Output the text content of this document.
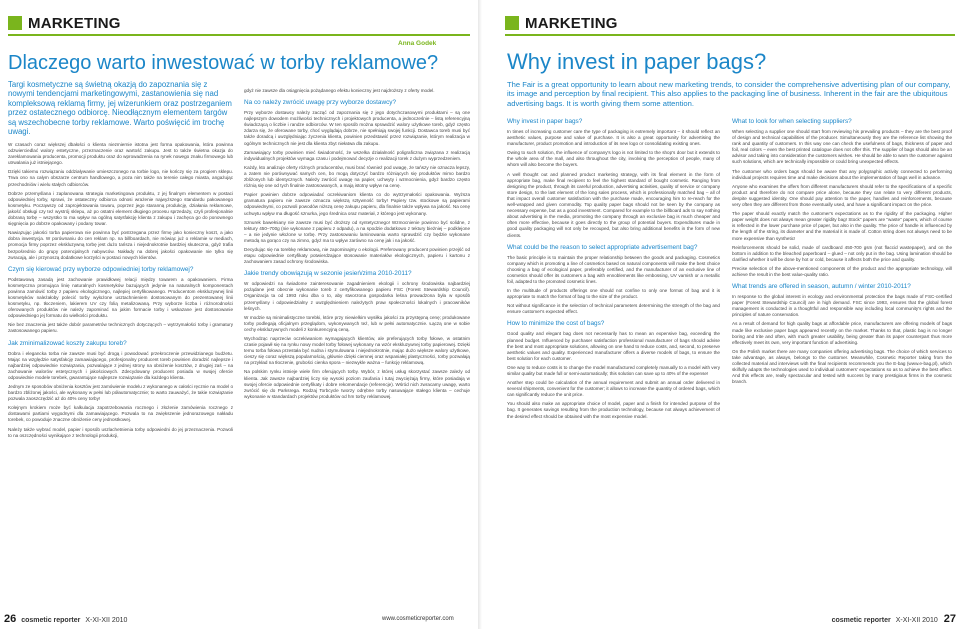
MARKETING
Anna Godek
Dlaczego warto inwestować w torby reklamowe?

Targi kosmetyczne są świetną okazją do zapoznania się z nowymi tendencjami marketingowymi, zastanowienia się nad kompleksową reklamą firmy, jej wizerunkiem oraz postrzeganiem przez ostatecznego odbiorcę. Nieodłącznym elementem targów są wszechobecne torby reklamowe. Warto poświęcić im trochę uwagi.

W czasach coraz większej dbałości o klienta niezmiernie istotna jest forma opakowania, która powinna odzwierciedlać walory estetyczne, przeznaczenie oraz wartość zakupu. Jest to także świetna okazja do zareklamowania producenta, promocji produktu oraz do wprowadzenia na rynek nowego znaku firmowego lub utrwalania już istniejącego.

Dzięki takiemu rozwiązaniu oddziaływanie umieszczonego na torbie logo, nie kończy się za progiem sklepu. Trwa ono na całym obszarze centrum handlowego, a poza nim także na terenie całego miasta, angażując przechodniów i wielu stałych odbiorców.

Dobrze przemyślana i zaplanowana strategia marketingowa produktu, z jej finalnym elementem w postaci odpowiedniej torby, sprawi, że ostateczny odbiorca odnosi wrażenie najwyższego standardu pakowanego kosmetyku. Począwszy od zaprojektowania towaru, poprzez jego staranną produkcję, działania reklamowe, jakość obsługi czy też wystrój sklepu, aż po ostatni element długiego procesu sprzedaży, czyli profesjonalnie dobraną torbę – wszystko to ma wpływ na ogólną satysfakcję klienta z zakupu i zachęca go do ponownego sięgnięcia po dobrze opakowany i podany towar.

Nawiązując jakości torba papierowa nie powinna być postrzegana przez firmę jako konieczny koszt, a jako dobra inwestycja. W porównaniu do cen reklam np. na billboardach, nie mówiąc już o reklamie w mediach, promocja firmy poprzez ekskluzywną torbę jest dużo tańsza i niejednokrotnie bardziej skuteczna, gdyż trafia bezpośrednio do grupy potencjalnych nabywców. Nakłady na dobrej jakości opakowanie nie tylko się zwracają, ale i przynoszą dodatkowe korzyści w postaci nowych klientów.

Czym się kierować przy wyborze odpowiedniej torby reklamowej?

Podstawową zasadą jest zachowanie prawidłowej relacji między towarem a opakowaniem. Firma kosmetyczna promująca linię naturalnych kosmetyków bazujących jedynie na naturalnych komponentach powinna zamówić torby z papieru ekologicznego, najlepiej certyfikowanego. Producentom ekskluzywnej linii kosmetyków należałoby polecić torby wyłożone usztachnieniem dostosowanym do prezentowanej linii kosmetyku, np. tłoczeniem, lakierem UV czy folią metalizowaną. Przy wyborze liczba i różnorodności oferowanych produktów nie należy zapominać na jakim formacie torby i wskazane jest dostosowanie odpowiedniego jej formatu do wielkości produktu.

Nie bez znaczenia jest także dobór parametrów technicznych dotyczących – wytrzymałości torby i gramatury zastosowanego papieru.

Jak zminimalizować koszty zakupu toreb?

Dobra i elegancka torba nie zawsze musi być drogą i powodować przekroczenie przewidzianego budżetu. Mając na względzie satysfakcję zamawiającego, profesjonalny producent toreb powinien doradzić najlepsze i najbardziej odpowiednie rozwiązania, pozwalające z jednej strony na obniżenie kosztów, z drugiej zaś – na zachowanie walorów estetycznych i jakościowych. Zdecydowany producent posiada w swojej ofercie odpowiednie modele torebek, gwarantujące najlepsze rozwiązanie dla każdego klienta.

Jednym ze sposobów obniżenia kosztów jest zamówienie modelu z wykonanego w całości ręcznie na model o bardzo zbliżonej jakości, ale wykonany w pełni lub półautomatycznie; to warto zauważyć, że takie rozwiązanie pozwala zaoszczędzić aż do 40% ceny torby!

Kolejnym krokiem może być kalkulacja zapotrzebowania rocznego i złożenie zamówienia rocznego z dostawami partiami wygodnymi dla zamawiającego. Pozwala to na zwiększenie jednorazowego nakładu torebek, co powoduje znaczne obniżenie ceny jednostkowej.

Należy także wybrać model, papier i sposób uszlachetnienia torby odpowiedni do jej przeznaczenia. Pozwoli to na oszczędności wynikające z technologii produkcji,

gdyż nie zawsze dla osiągnięcia pożądanego efektu konieczny jest najdroższy z oferty model.

Na co należy zwrócić uwagę przy wyborze dostawcy?

Przy wyborze dostawcy należy zacząć od zapoznania się z jego dotychczasowymi produktami – są one najlepszym dowodem możliwości technicznych i projektowych producenta, a jednocześnie – listą referencyjną świadczącą o liczbie i randze odbiorców. W ten sposób można sprawdzić walory użytkowe toreb, gdyż często zdarza się, że oferowane torby, choć wyglądają dobrze, nie spełniają swojej funkcji. Dostawca toreb musi być także doradcą i uwzględniając życzenia klienta, powinien przedstawić przez rozwiązanie, którym realizacja w ogólnym technicznych nie jest dla klienta zbyt niełatwa dla zakupu.

Zamawiający torby powinien mieć świadomość, że wszelka działalność poligraficzna związana z realizacją indywidualnych projektów wymaga czasu i podejmować decyzje o realizacji torek z dużym wyprzedzeniem.

Każdy, kto analizuje oferty różnych producentów, musi brać również pod uwagę, że tańszy nie oznacza lepszy, a zatem nie porównywać samych cen, bo mogą dotyczyć bardzo różniących się produktów mimo bardzo zbliżonych lub identycznych. Należy zwrócić uwagę na papier, uchwyty i wzmocnienia, gdyż bardzo często różnią się one od tych finalnie zastosowanych, a mają istotny wpływ na cenę.

Papier powinien dobrze odpowiadać oczekiwaniom klienta co do wytrzymałości opakowania. Wyższa gramatura papieru nie zawsze oznacza większą sztywność torby! Papiery tzw. stockowe są papierami odpowiednymi, co pozwoli powodów niższą cenę zakupu papieru, dla finalnie także wpływa na jakość. Na cenę uchwytu wpływ ma długość sznurka, jego średnica oraz materiał, z którego jest wykonany.

Sznurek bawełniany nie zawsze musi być droższy od syntetycznego! Wzmocnienie powinno być solidne, z tektury 450–700g (nie wykonane z papieru z odpadu), a na spodzie dodatkowo z tektury bieżniej – podklejone – a nie jedynie włożone w torbę. Przy zastosowaniu laminowania warto sprawdzić czy będzie wykonane metodą na gorąco czy na zimno, gdyż ma to wpływ zarówno na cenę jak i na jakość.

Decydując się na torebkę reklamową, nie zapominajmy o ekologii. Preferowany producent powinien przejść od etapu odpowiednie certyfikaty potwierdzające stosowanie materiałów ekologicznych, papieru i kartonu z zachowaniem zasad ochrony środowiska.

Jakie trendy obowiązują w sezonie jesień/zima 2010-2011?

W odpowiedzi na świadome zainteresowanie zagadnieniem ekologii i ochrony środowiska najbardziej pożądane jest obecnie wykonanie toreb z certyfikowanego papieru FSC (Forest Stewardship Council). Organizacja ta od 1993 roku dba o to, aby stworzona gospodarka leśna prowadzona była w sposób przemyślany i odpowiedzialny z uwzględnieniem należytych praw społeczności lokalnych i pracowników leśnych.

W modzie są minimalistyczne torebki, które przy niewielkim wysiłku jakości za przystępną cenę; produkowane torby podlegają oficjalnym przeglądom, wykonywanych też, lub w pełni automatycznie. Łączą one w sobie cechy ekskluzywnych modeli z konkurencyjną ceną.

Wychodząc naprzeciw oczekiwaniom wymagających klientów, ale preferujących torby fołowe, w ostatnim czasie pojawił się na rynku nowy model torby fołowej wykonany na wzór ekskluzywnej torby papierowej. Dzięki temu torba fołowa przestała być nudna i stymulowana i niejednokrotnie, mając dużo większe walory użytkowe, cieszy się coraz większą popularnością, głównie dzięki ciemnej oraz wspaniałej plastyczności, torby pozwalają na przykład na tłoczenie, grubości cienka spora – niezwykle ważna – funkcję reklamową.

Na polskim rynku istnieje wiele firm oferujących torby. Wybór, z której usług skorzystać zawsze zależy od klienta. Jak zawsze najbardziej liczy się wysoki poziom zaufania i tutaj zwyciężają firmy, które posiadają w swojej ofercie odpowiednie certyfikaty i dobre rekomendacje (referencje). Wśród nich zwracamy uwagę, warto zwrócić się do Parksrega. Rodzaj Torbcycle tworzy odrębne torby nasuwające stałego klienta – cechuje wykonanie w standardach projektów produktów od hm torby reklamowej.

26 cosmetic reporter X-XI-XII 2010	www.cosmeticreporter.com
MARKETING
Why invest in paper bags?

The Fair is a great opportunity to learn about new marketing trends, to consider the comprehensive advertising plan of our company, its image and perception by final recipient. This also applies to the packaging line of business. Inherent in the fair are the ubiquitous advertising bags. It is worth giving them some attention.

Why invest in paper bags?

In times of increasing customer care the type of packaging is extremely important – it should reflect an aesthetic values, purpose and value of purchase. It is also a great opportunity for advertising the manufacturer, product promotion and introduction of its new logo or consolidating existing ones.

Owing to such solution, the influence of company's logo is not limited to the shop's door but it extends to the whole area of the mall, and also throughout the city, involving the perception of people, many of whom will also become the buyers.

A well thought out and planned product marketing strategy, with its final element in the form of appropriate bag, make final recipient to feel the highest standard of bought cosmetic. Ranging from designing the product, through its careful production, advertising activities, quality of service or company store design, to the last element of the long sales process, which is professionally matched bag – all of that impact overall customer satisfaction with the purchase made, encouraging him to re-reach for the well-wrapped and given commodity. Top quality paper bags should not be seen by the company as necessary expense, but as a good investment. Compared for example to the billboard ads to say nothing about advertising in the media, promoting the company through an exclusive bag is much cheaper and often more effective, because it goes directly to the group of potential buyers. Expenditures made in good quality packaging will not only be recouped, but also bring additional benefits in the form of new clients.

What could be the reason to select appropriate advertisement bag?

The basic principle is to maintain the proper relationship between the goods and packaging. Cosmetics company which is promoting a line of cosmetics based on natural components will make the best choice choosing a bag of ecological paper, preferably certified, and the manufacturer of an exclusive line of cosmetics should offer its customers a bag with ennoblements like embossing, UV varnish or a metallic foil, adapted to the promoted cosmetic lines.

In the multitude of products offerings one should not confine to only one format of bag and it is appropriate to match the format of bag to the size of the product.

Not without significance is the selection of technical parameters determining the strength of the bag and ensure customer's expected effect.

How to minimize the cost of bags?

Good quality and elegant bag does not necessarily has to mean an expensive bag, exceeding the planned budget. Influenced by purchaser satisfaction professional manufacturer of bags should advise the best and most appropriate solutions, allowing on one hand to reduce costs, and, second, to preserve aesthetic values and quality. Experienced manufacturer offers a diverse models of bags, to ensure the best solution for each customer.

One way to reduce costs is to change the model manufactured completely manually to a model with very similar quality but made full or semi-automatically; this solution can save up to 40% of the expense!

Another step could be calculation of the annual requirement and submit an annual order delivered in several shipments, convenient for the customer; it allows to increase the quantity of ordered bags, which can significantly reduce the unit price.

You should also make an appropriate choice of model, paper and a finish for intended purpose of the bag. It generates savings resulting from the production technology, because not always achievement of the desired effect should be obtained with the most expensive model.

What to look for when selecting suppliers?

When selecting a supplier one should start from reviewing his prevailing products – they are the best proof of design and technical capabilities of the producer. Simultaneously they are the reference list showing the rank and quantity of customers. In this way one can check the usefulness of bags, thickness of paper and foil, real colors – even the best printed catalogue does not offer this. The supplier of bags should also be an advisor and taking into consideration the customers wishes. He should be able to warn the customer against such solutions, which are technically impossible or could bring unexpected effects.

The customer who orders bags should be aware that any polygraphic activity connected to performing individual projects requires time and make decisions about the implementation of bags well in advance.

Anyone who examines the offers from different manufacturers should refer to the specifications of a specific product and therefore do not compare price alone, because they can relate to very different products, despite suggested identity. One should pay attention to the paper, handles and reinforcements, because very often they are different from those eventually used, and have a significant impact on the price.

The paper should exactly match the customer's expectations as to the rigidity of the packaging. Higher paper weight does not always mean greater rigidity bag! Stock" papers are "waste" papers, which of course is reflected in the lower purchase price of paper, but also in the quality. The price of handle is influenced by the length of the string, its diameter and the material it is made of. Cotton string does not always need to be more expensive than synthetic!

Reinforcements should be solid, made of cardboard 450-700 gsm (not flaccid wastepaper), and on the bottom in addition to the bleached paperboard – glued – not only put in the bag. Using lamination should be clarified whether it will be done by hot or cold, because it affects both the price and quality.

Precise selection of the above-mentioned components of the product and the appropriate technology, will achieve the result in the best value-quality ratio.

What trends are offered in season, autumn / winter 2010-2011?

In response to the global interest in ecology and environmental protection the bags made of FSC-certified paper (Forest Stewardship Council) are in high demand. FSC since 1993, ensures that the global forest management is conducted in a thoughtful and responsible way including local community's rights and the principles of nature conservation.

As a result of demand for high quality bags at affordable price, manufacturers are offering models of bags made like exclusive paper bags appeared recently on the market. Thanks to that, plastic bag is no longer boring and trite and often, with much greater usability, being greater than its paper counterpart thus more effectively meet its own, very important function of advertising.

On the Polish market there are many companies offering advertising bags. The choice of which services to take advantage, as always, belongs to the customer. Meanwhile, Cosmetic Reporter taking from the collected material and interviews with the final recipients recommends you the E-bag (www.e-bag.pl), which skilfully adapts the technologies used to individual customers' expectations so as to achieve the best effect. And this effects are, really spectacular and tested with success by many prestigious firms in the cosmetic branch.

cosmetic reporter X-XI-XII 2010 27
